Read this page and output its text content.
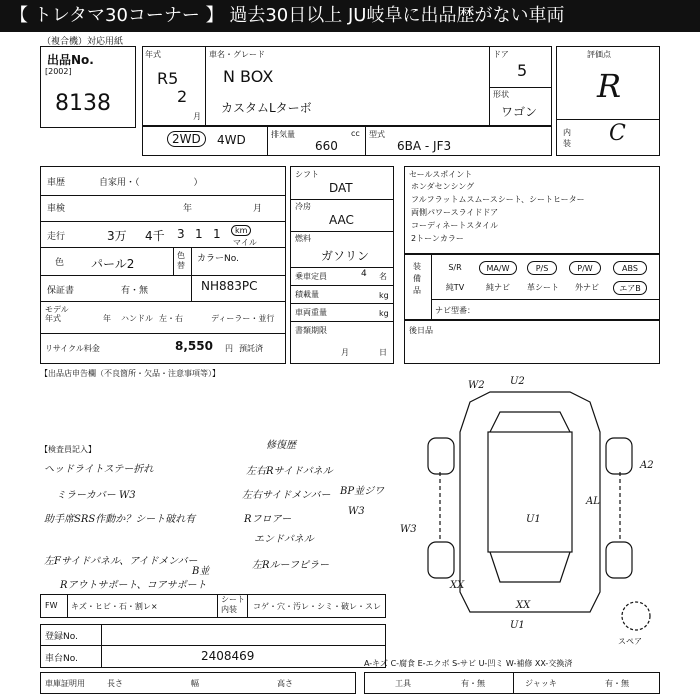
【 トレタマ30コーナー 】 過去30日以上 JU岐阜に出品歴がない車両
（複合機）対応用紙
出品No.
[2002]
8138
年式
R5
2
月
車名・グレード
N BOX
カスタムLターボ
ドア
5
形状
ワゴン
評価点
R
内装 C
2WD	4WD	排気量	cc
660
型式
6BA - JF3
車歴	自家用・（　　　　　　）
車検	年	月
走行	3万 4千 3 1 1	km
マイル
色 パール2
色替
カラーNo.
NH883PC
保証書	有・無
モデル年式	年 ハンドル 左・右	ディーラー・並行
リサイクル料金	8,550 円 預託済
シフト
DAT
冷房
AAC
燃料
ガソリン
乗車定員	4 名
積載量	kg
車両重量	kg
書類期限
月	日
セールスポイント
ホンダセンシング
フルフラットムスムースシート、シートヒーター
両側パワースライドドア
コーディネートスタイル
2トーンカラー
装備品
S/R	MA/W	P/S	P/W	ABS
純TV	純ナビ	革シート	外ナビ	エアB
ナビ型番：
後日品
【出品店申告欄（不良箇所・欠品・注意事項等）】
【検査員記入】	修復歴
ヘッドライトステー折れ
ミラーカバー W3
助手席SRS作動か？シート破れ有
左Fサイドパネル、アイドメンバー
Rアウトサポート、コアサポート
左右Rサイドパネル
左右サイドメンバー
Rフロアー
エンドパネル
左Rルーフピラー
BP並ジワ
W3
B並
W2	U2
A2
AL
U1
W3
XX
XX
U1
スペア
FW キズ・ヒビ・石・割レ×
シート内装	コゲ・穴・汚レ・シミ・破レ・スレ
登録No.
車台No.	2408469
車庫証明用	長さ	幅	高さ
A-キズ C-腐食 E-エクボ S-サビ U-凹ミ W-補修 XX-交換済
工具	有・無	ジャッキ	有・無
